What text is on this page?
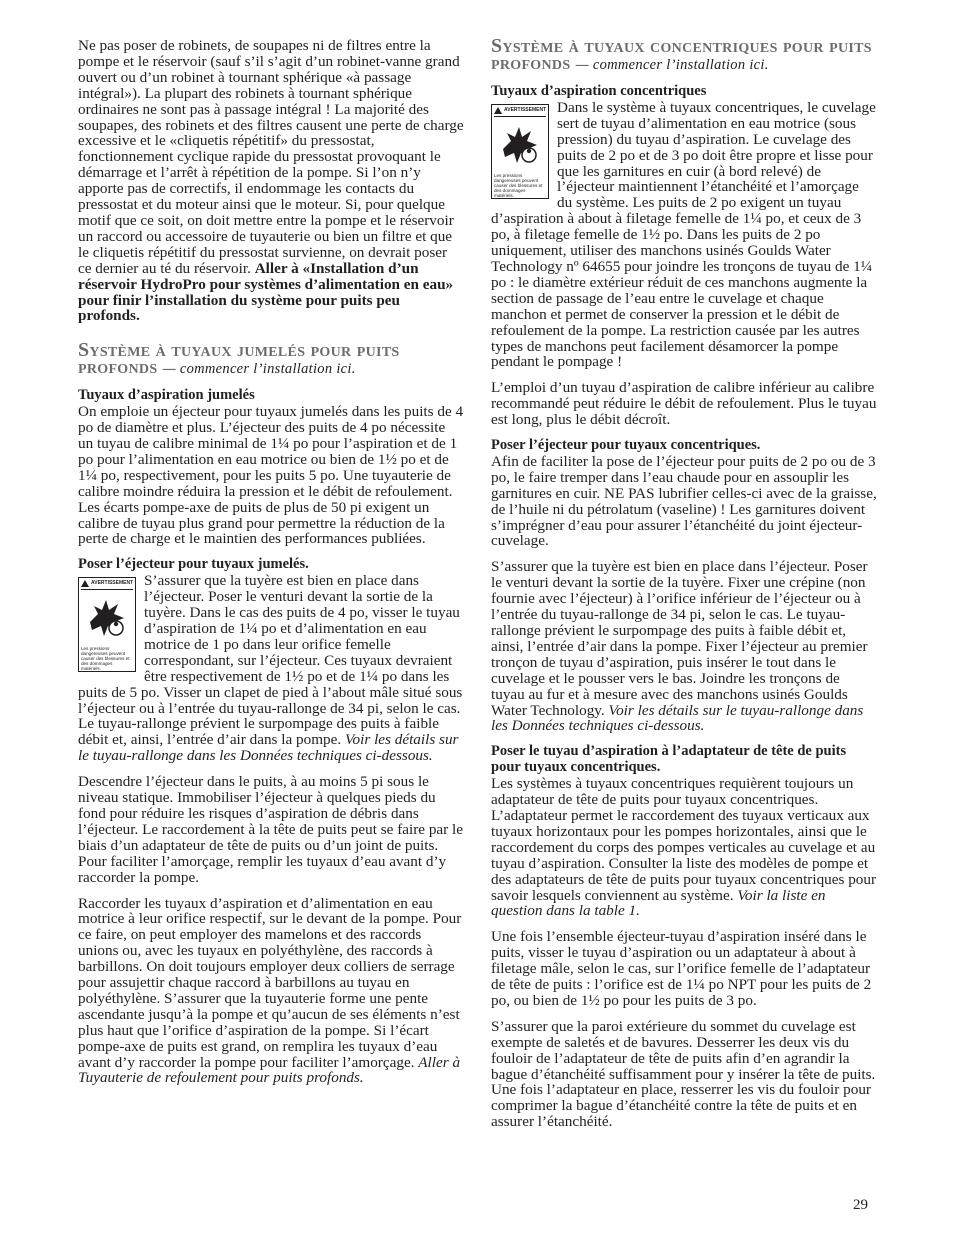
Ne pas poser de robinets, de soupapes ni de filtres entre la pompe et le réservoir (sauf s’il s’agit d’un robinet-vanne grand ouvert ou d’un robinet à tournant sphérique «à passage intégral»). La plupart des robinets à tournant sphérique ordinaires ne sont pas à passage intégral ! La majorité des soupapes, des robinets et des filtres causent une perte de charge excessive et le «cliquetis répétitif» du pressostat, fonctionnement cyclique rapide du pressostat provoquant le démarrage et l’arrêt à répétition de la pompe. Si l’on n’y apporte pas de correctifs, il endommage les contacts du pressostat et du moteur ainsi que le moteur. Si, pour quelque motif que ce soit, on doit mettre entre la pompe et le réservoir un raccord ou accessoire de tuyauterie ou bien un filtre et que le cliquetis répétitif du pressostat survienne, on devrait poser ce dernier au té du réservoir. Aller à «Installation d’un réservoir HydroPro pour systèmes d’alimentation en eau» pour finir l’installation du système pour puits peu profonds.

Système à tuyaux jumelés pour puits profonds — commencer l’installation ici.

Tuyaux d’aspiration jumelés

On emploie un éjecteur pour tuyaux jumelés dans les puits de 4 po de diamètre et plus. L’éjecteur des puits de 4 po nécessite un tuyau de calibre minimal de 1¼ po pour l’aspiration et de 1 po pour l’alimentation en eau motrice ou bien de 1½ po et de 1¼ po, respectivement, pour les puits 5 po. Une tuyauterie de calibre moindre réduira la pression et le débit de refoulement. Les écarts pompe-axe de puits de plus de 50 pi exigent un calibre de tuyau plus grand pour permettre la réduction de la perte de charge et le maintien des performances publiées.

Poser l’éjecteur pour tuyaux jumelés.

AVERTISSEMENT
Les pressions dangereuses peuvent causer des blessures et des dommages matériels.

S’assurer que la tuyère est bien en place dans l’éjecteur. Poser le venturi devant la sortie de la tuyère. Dans le cas des puits de 4 po, visser le tuyau d’aspiration de 1¼ po et d’alimentation en eau motrice de 1 po dans leur orifice femelle correspondant, sur l’éjecteur. Ces tuyaux devraient être respectivement de 1½ po et de 1¼ po dans les puits de 5 po. Visser un clapet de pied à l’about mâle situé sous l’éjecteur ou à l’entrée du tuyau-rallonge de 34 pi, selon le cas. Le tuyau-rallonge prévient le surpompage des puits à faible débit et, ainsi, l’entrée d’air dans la pompe. Voir les détails sur le tuyau-rallonge dans les Données techniques ci-dessous.

Descendre l’éjecteur dans le puits, à au moins 5 pi sous le niveau statique. Immobiliser l’éjecteur à quelques pieds du fond pour réduire les risques d’aspiration de débris dans l’éjecteur. Le raccordement à la tête de puits peut se faire par le biais d’un adaptateur de tête de puits ou d’un joint de puits. Pour faciliter l’amorçage, remplir les tuyaux d’eau avant d’y raccorder la pompe.

Raccorder les tuyaux d’aspiration et d’alimentation en eau motrice à leur orifice respectif, sur le devant de la pompe. Pour ce faire, on peut employer des mamelons et des raccords unions ou, avec les tuyaux en polyéthylène, des raccords à barbillons. On doit toujours employer deux colliers de serrage pour assujettir chaque raccord à barbillons au tuyau en polyéthylène. S’assurer que la tuyauterie forme une pente ascendante jusqu’à la pompe et qu’aucun de ses éléments n’est plus haut que l’orifice d’aspiration de la pompe. Si l’écart pompe-axe de puits est grand, on remplira les tuyaux d’eau avant d’y raccorder la pompe pour faciliter l’amorçage. Aller à Tuyauterie de refoulement pour puits profonds.

Système à tuyaux concentriques pour puits profonds — commencer l’installation ici.

Tuyaux d’aspiration concentriques

AVERTISSEMENT
Les pressions dangereuses peuvent causer des blessures et des dommages matériels.

Dans le système à tuyaux concentriques, le cuvelage sert de tuyau d’alimentation en eau motrice (sous pression) du tuyau d’aspiration. Le cuvelage des puits de 2 po et de 3 po doit être propre et lisse pour que les garnitures en cuir (à bord relevé) de l’éjecteur maintiennent l’étanchéité et l’amorçage du système. Les puits de 2 po exigent un tuyau d’aspiration à about à filetage femelle de 1¼ po, et ceux de 3 po, à filetage femelle de 1½ po. Dans les puits de 2 po uniquement, utiliser des manchons usinés Goulds Water Technology nº 64655 pour joindre les tronçons de tuyau de 1¼ po : le diamètre extérieur réduit de ces manchons augmente la section de passage de l’eau entre le cuvelage et chaque manchon et permet de conserver la pression et le débit de refoulement de la pompe. La restriction causée par les autres types de manchons peut facilement désamorcer la pompe pendant le pompage !

L’emploi d’un tuyau d’aspiration de calibre inférieur au calibre recommandé peut réduire le débit de refoulement. Plus le tuyau est long, plus le débit décroît.

Poser l’éjecteur pour tuyaux concentriques.

Afin de faciliter la pose de l’éjecteur pour puits de 2 po ou de 3 po, le faire tremper dans l’eau chaude pour en assouplir les garnitures en cuir. NE PAS lubrifier celles-ci avec de la graisse, de l’huile ni du pétrolatum (vaseline) ! Les garnitures doivent s’imprégner d’eau pour assurer l’étanchéité du joint éjecteur-cuvelage.

S’assurer que la tuyère est bien en place dans l’éjecteur. Poser le venturi devant la sortie de la tuyère. Fixer une crépine (non fournie avec l’éjecteur) à l’orifice inférieur de l’éjecteur ou à l’entrée du tuyau-rallonge de 34 pi, selon le cas. Le tuyau-rallonge prévient le surpompage des puits à faible débit et, ainsi, l’entrée d’air dans la pompe. Fixer l’éjecteur au premier tronçon de tuyau d’aspiration, puis insérer le tout dans le cuvelage et le pousser vers le bas. Joindre les tronçons de tuyau au fur et à mesure avec des manchons usinés Goulds Water Technology. Voir les détails sur le tuyau-rallonge dans les Données techniques ci-dessous.

Poser le tuyau d’aspiration à l’adaptateur de tête de puits pour tuyaux concentriques.

Les systèmes à tuyaux concentriques requièrent toujours un adaptateur de tête de puits pour tuyaux concentriques. L’adaptateur permet le raccordement des tuyaux verticaux aux tuyaux horizontaux pour les pompes horizontales, ainsi que le raccordement du corps des pompes verticales au cuvelage et au tuyau d’aspiration. Consulter la liste des modèles de pompe et des adaptateurs de tête de puits pour tuyaux concentriques pour savoir lesquels conviennent au système. Voir la liste en question dans la table 1.

Une fois l’ensemble éjecteur-tuyau d’aspiration inséré dans le puits, visser le tuyau d’aspiration ou un adaptateur à about à filetage mâle, selon le cas, sur l’orifice femelle de l’adaptateur de tête de puits : l’orifice est de 1¼ po NPT pour les puits de 2 po, ou bien de 1½ po pour les puits de 3 po.

S’assurer que la paroi extérieure du sommet du cuvelage est exempte de saletés et de bavures. Desserrer les deux vis du fouloir de l’adaptateur de tête de puits afin d’en agrandir la bague d’étanchéité suffisamment pour y insérer la tête de puits. Une fois l’adaptateur en place, resserrer les vis du fouloir pour comprimer la bague d’étanchéité contre la tête de puits et en assurer l’étanchéité.

29
